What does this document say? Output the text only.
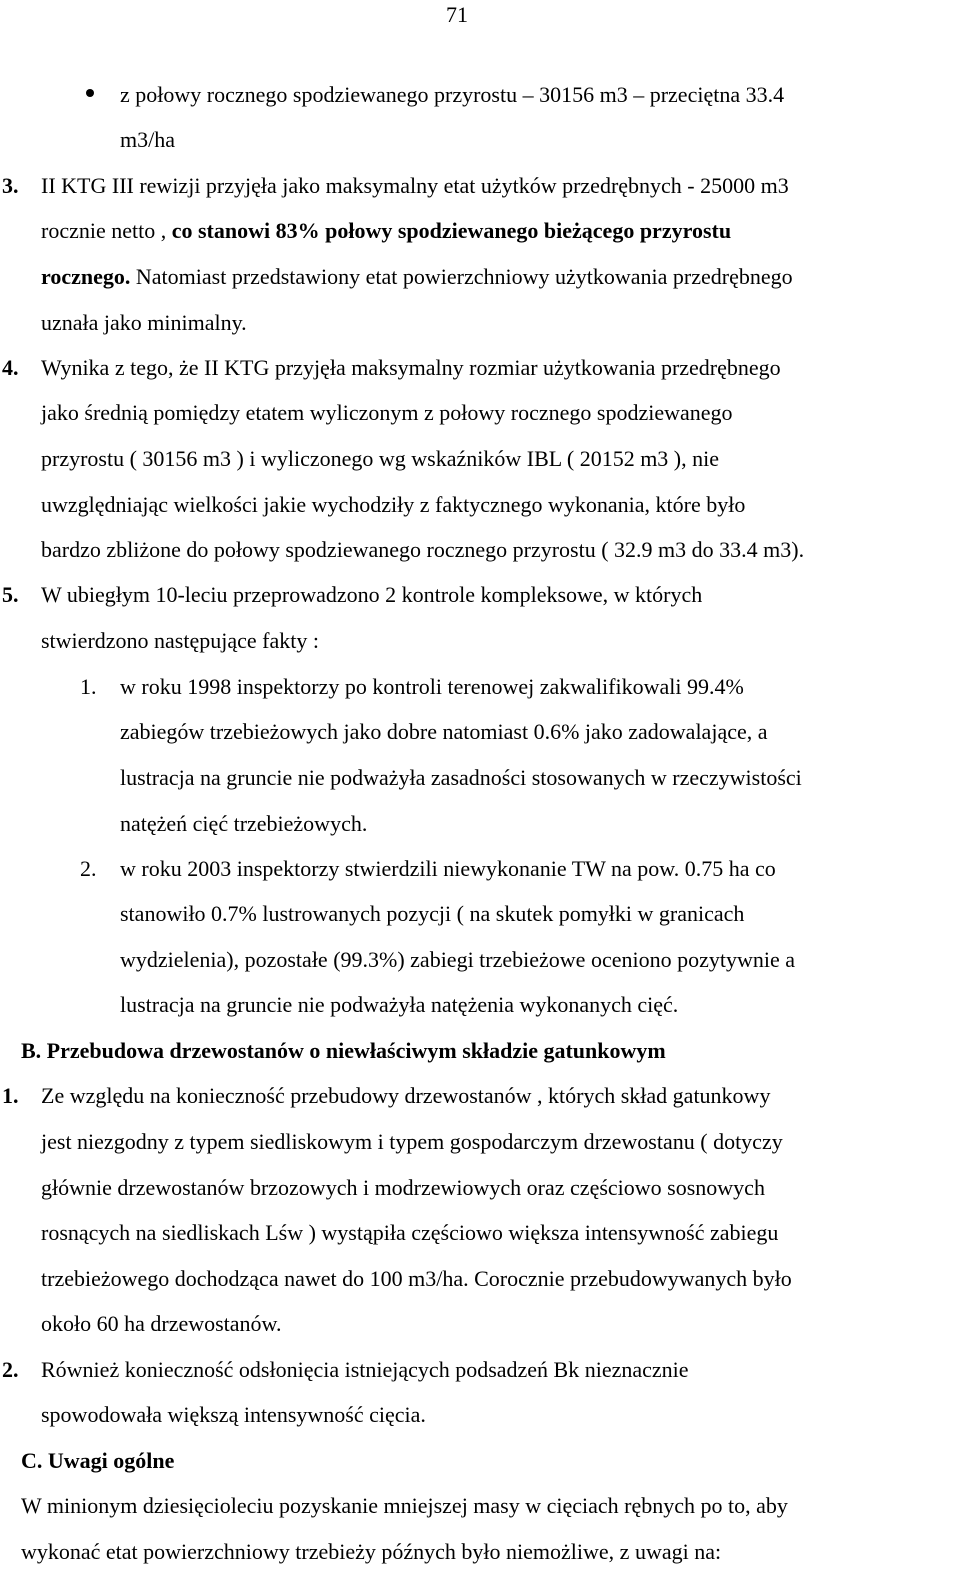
71
z połowy rocznego spodziewanego przyrostu – 30156 m3 – przeciętna 33.4
m3/ha
3. II KTG III rewizji przyjęła jako maksymalny etat użytków przedrębnych - 25000 m3
rocznie netto , co stanowi 83% połowy spodziewanego bieżącego przyrostu
rocznego. Natomiast przedstawiony etat powierzchniowy użytkowania przedrębnego
uznała jako minimalny.
4. Wynika z tego, że II KTG przyjęła maksymalny rozmiar użytkowania przedrębnego
jako średnią pomiędzy etatem wyliczonym z połowy rocznego spodziewanego
przyrostu ( 30156 m3 ) i wyliczonego wg wskaźników IBL ( 20152 m3 ), nie
uwzględniając wielkości jakie wychodziły z faktycznego wykonania, które było
bardzo zbliżone do połowy spodziewanego rocznego przyrostu ( 32.9 m3 do 33.4 m3).
5. W ubiegłym 10-leciu przeprowadzono 2 kontrole kompleksowe, w których
stwierdzono następujące fakty :
1. w roku 1998 inspektorzy po kontroli terenowej zakwalifikowali 99.4%
zabiegów trzebieżowych jako dobre natomiast 0.6% jako zadowalające, a
lustracja na gruncie nie podważyła zasadności stosowanych w rzeczywistości
natężeń cięć trzebieżowych.
2. w roku 2003 inspektorzy stwierdzili niewykonanie TW na pow. 0.75 ha co
stanowiło 0.7% lustrowanych pozycji ( na skutek pomyłki w granicach
wydzielenia), pozostałe (99.3%) zabiegi trzebieżowe oceniono pozytywnie a
lustracja na gruncie nie podważyła natężenia wykonanych cięć.
B. Przebudowa drzewostanów o niewłaściwym składzie gatunkowym
1. Ze względu na konieczność przebudowy drzewostanów , których skład gatunkowy
jest niezgodny z typem siedliskowym i typem gospodarczym drzewostanu ( dotyczy
głównie drzewostanów brzozowych i modrzewiowych oraz częściowo sosnowych
rosnących na siedliskach Lśw ) wystąpiła częściowo większa intensywność zabiegu
trzebieżowego dochodząca nawet do 100 m3/ha. Corocznie przebudowywanych było
około 60 ha drzewostanów.
2. Również konieczność odsłonięcia istniejących podsadzeń Bk nieznacznie
spowodowała większą intensywność cięcia.
C. Uwagi ogólne
W minionym dziesięcioleciu pozyskanie mniejszej masy w cięciach rębnych po to, aby
wykonać etat powierzchniowy trzebieży późnych było niemożliwe, z uwagi na:
